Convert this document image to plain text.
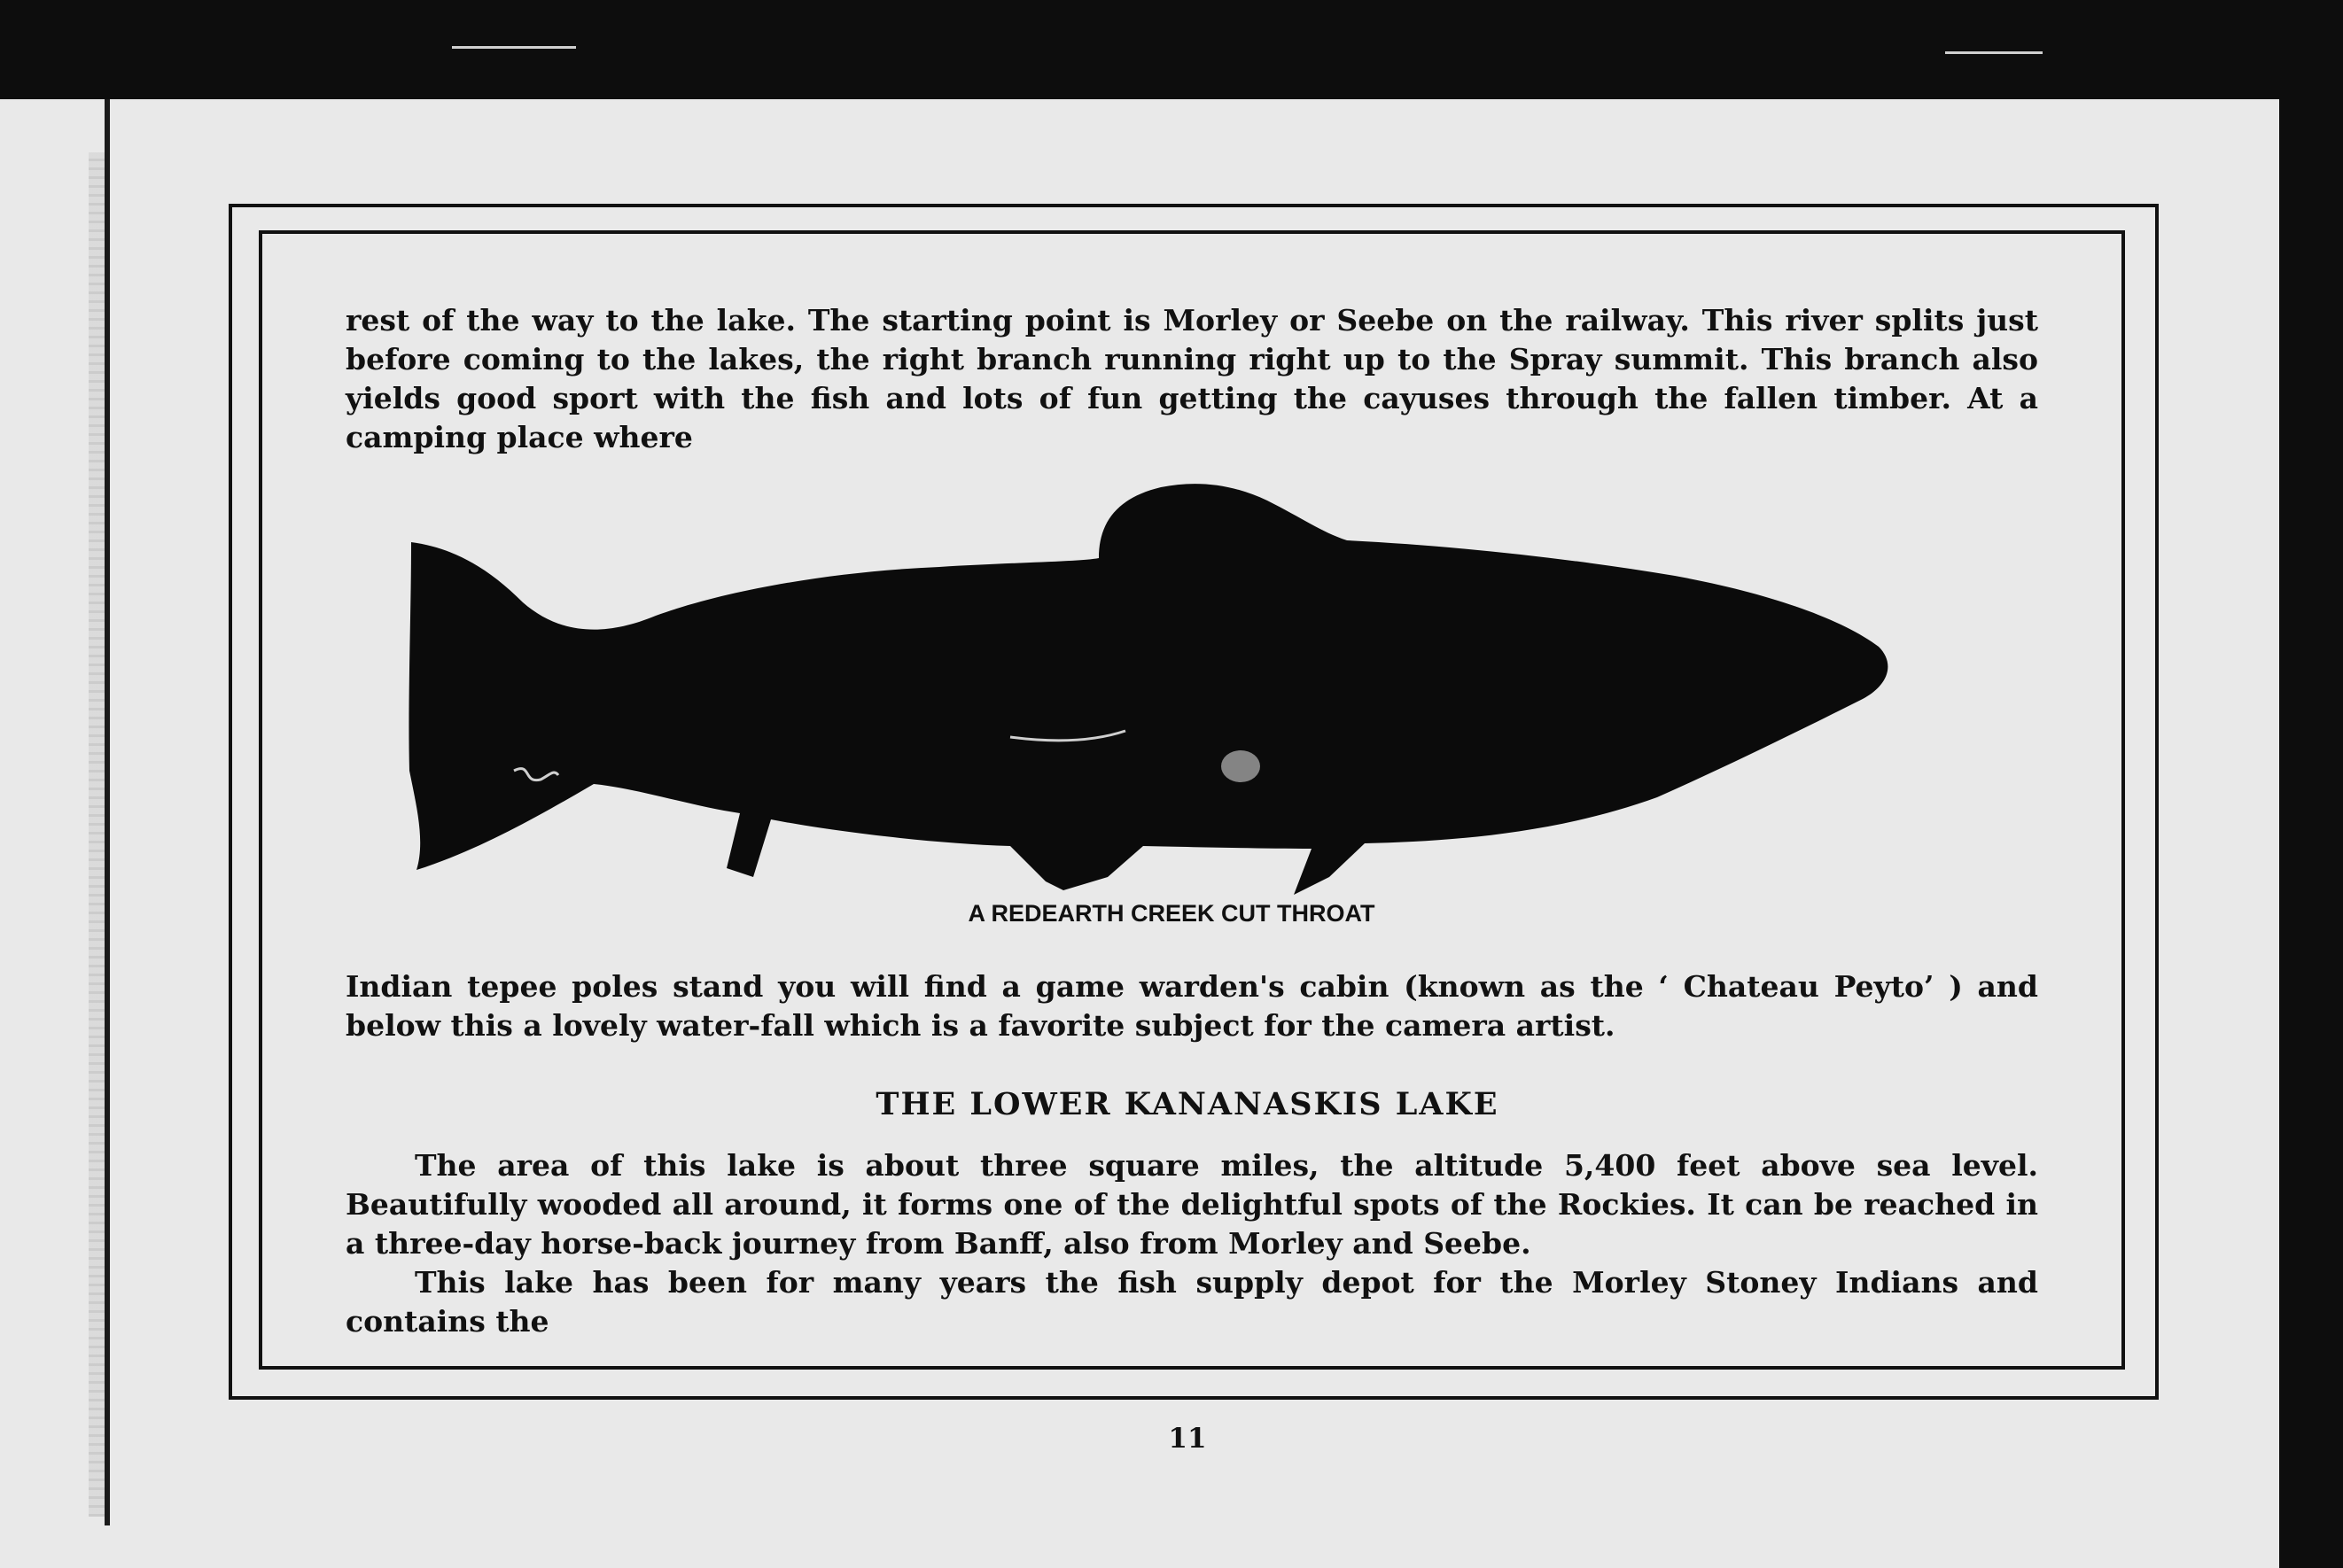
rest of the way to the lake. The starting point is Morley or Seebe on the railway. This river splits just before coming to the lakes, the right branch running right up to the Spray summit. This branch also yields good sport with the fish and lots of fun getting the cayuses through the fallen timber. At a camping place where

A REDEARTH CREEK CUT THROAT

Indian tepee poles stand you will find a game warden's cabin (known as the ‘ Chateau Peyto’ ) and below this a lovely water-fall which is a favorite subject for the camera artist.

THE LOWER KANANASKIS LAKE

The area of this lake is about three square miles, the altitude 5,400 feet above sea level. Beautifully wooded all around, it forms one of the delightful spots of the Rockies. It can be reached in a three-day horse-back journey from Banff, also from Morley and Seebe.

This lake has been for many years the fish supply depot for the Morley Stoney Indians and contains the

11
